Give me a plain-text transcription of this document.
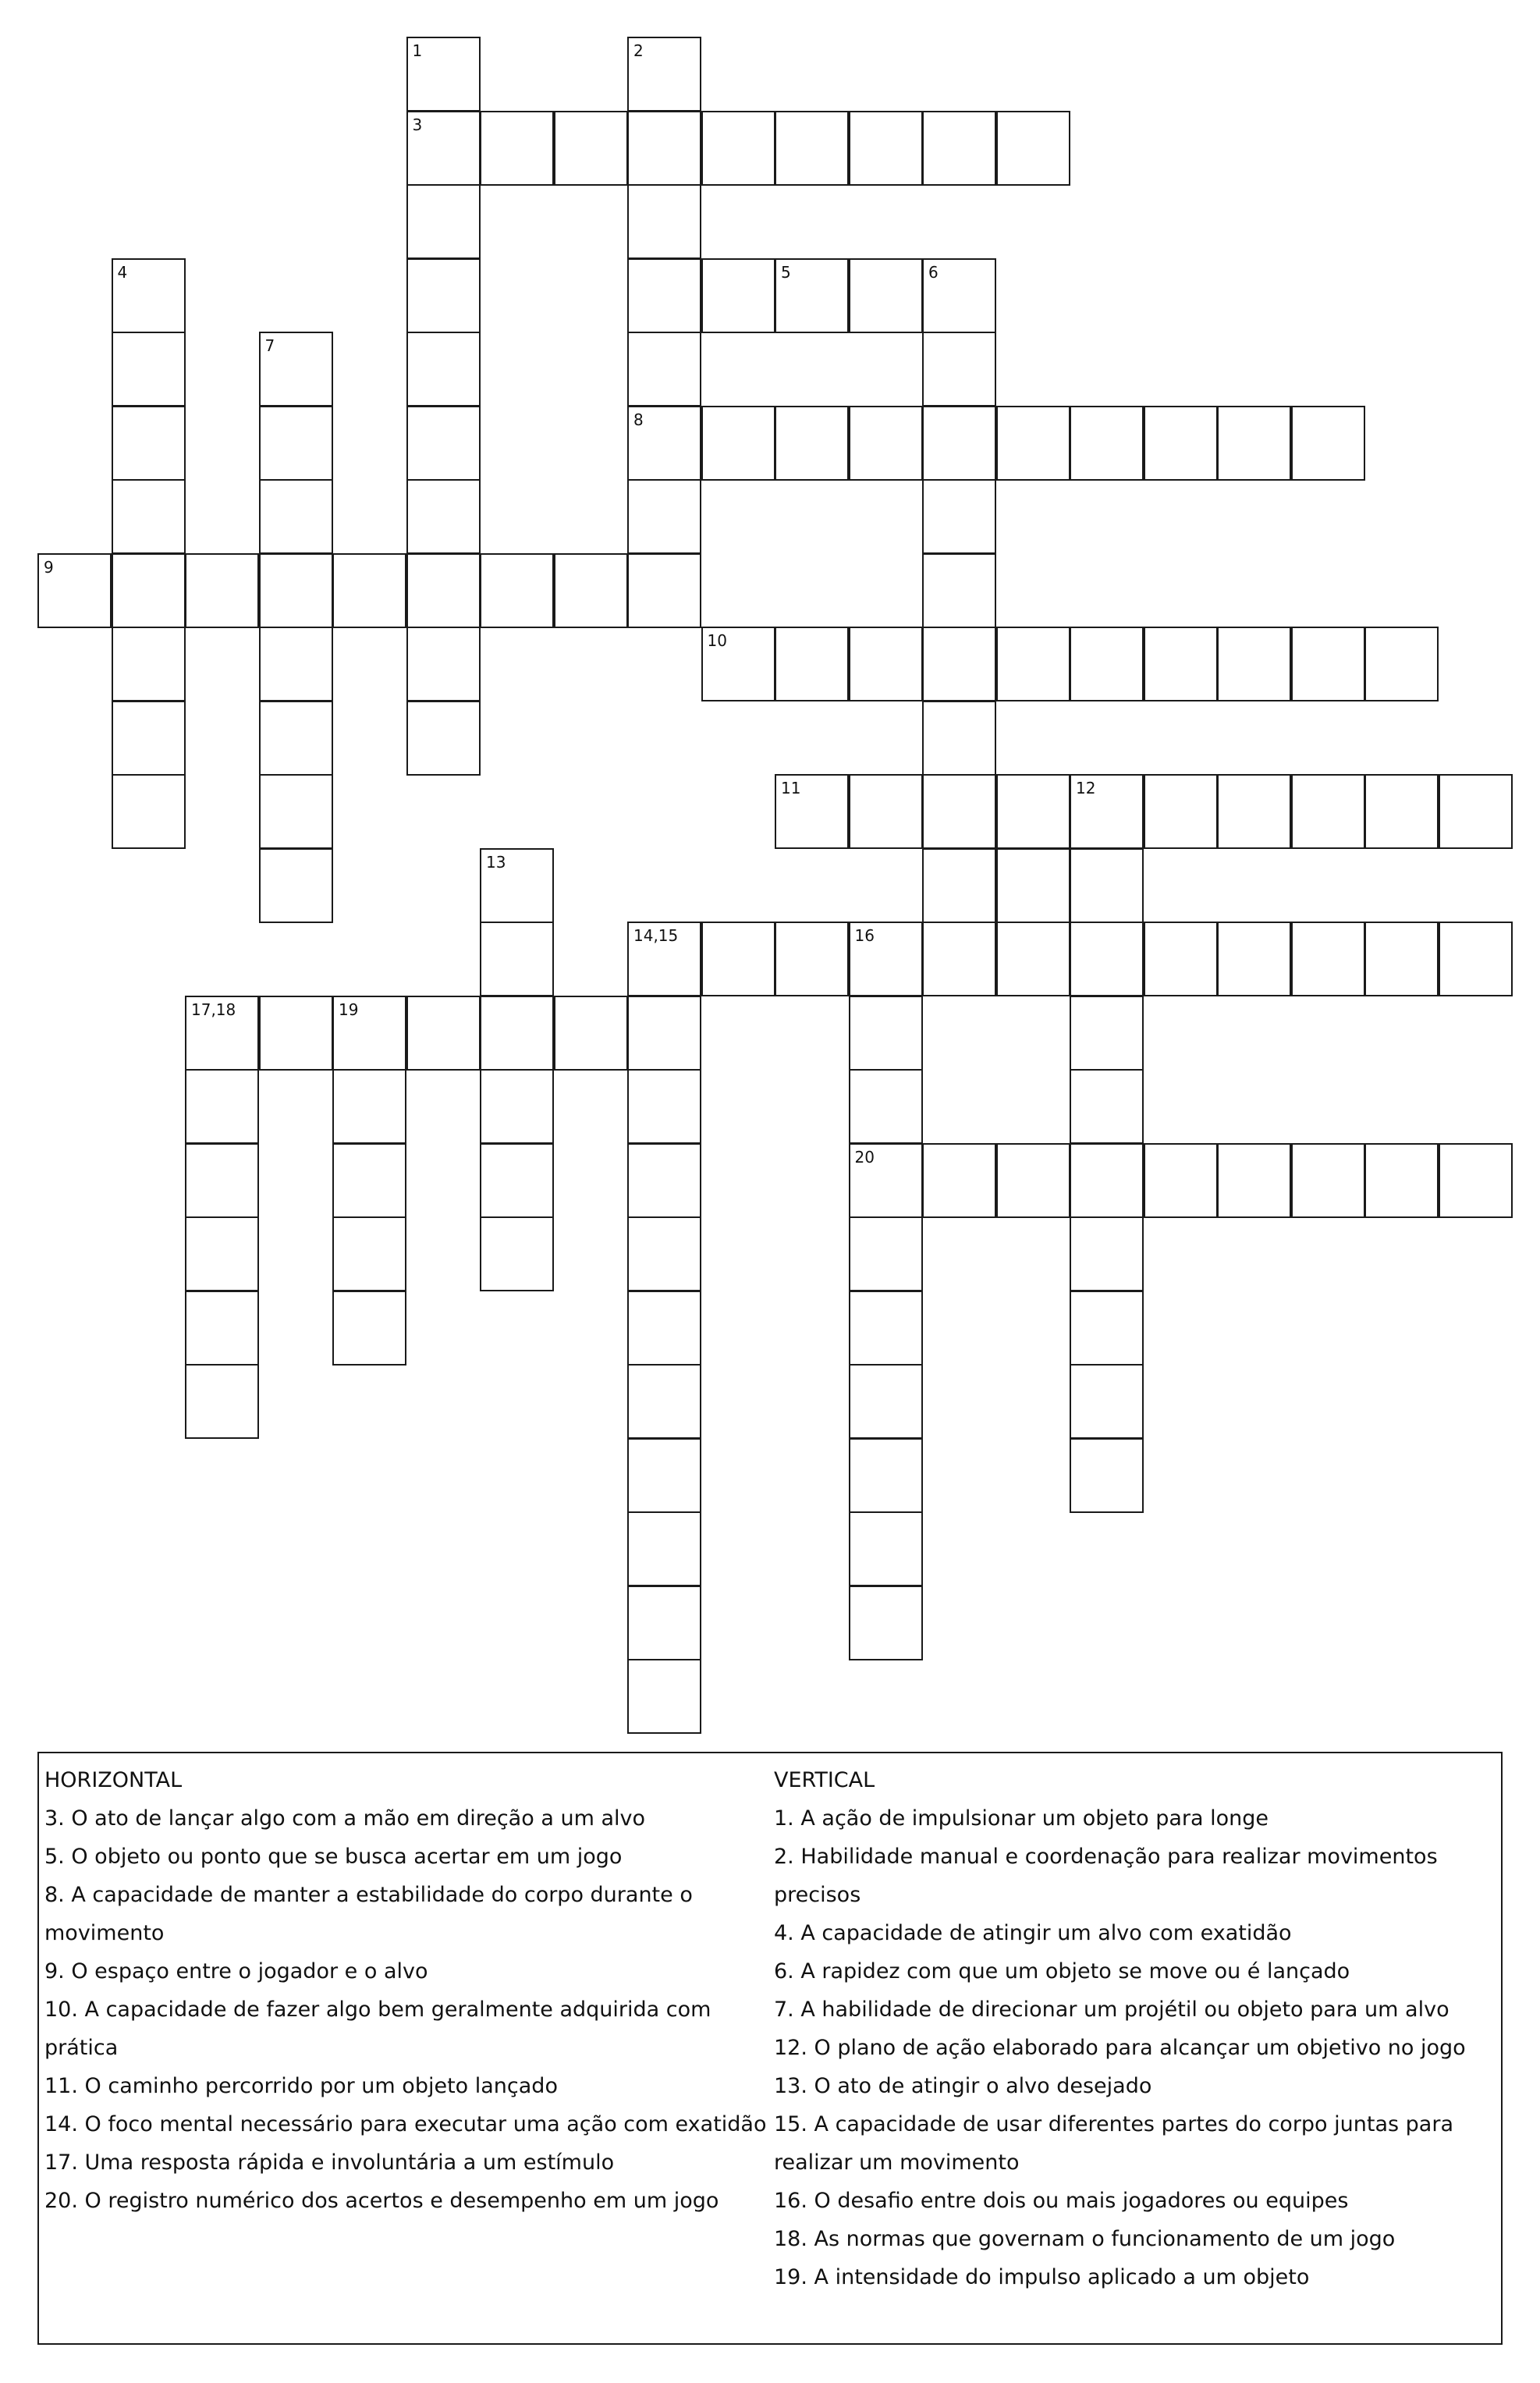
3
5	6
8
9
10
11	12
14,15	16
17,18	19
20
1	2
4
7
13
HORIZONTAL
3. O ato de lançar algo com a mão em direção a um alvo
5. O objeto ou ponto que se busca acertar em um jogo
8. A capacidade de manter a estabilidade do corpo durante o
movimento
9. O espaço entre o jogador e o alvo
10. A capacidade de fazer algo bem geralmente adquirida com
prática
11. O caminho percorrido por um objeto lançado
14. O foco mental necessário para executar uma ação com exatidão
17. Uma resposta rápida e involuntária a um estímulo
20. O registro numérico dos acertos e desempenho em um jogo
VERTICAL
1. A ação de impulsionar um objeto para longe
2. Habilidade manual e coordenação para realizar movimentos
precisos
4. A capacidade de atingir um alvo com exatidão
6. A rapidez com que um objeto se move ou é lançado
7. A habilidade de direcionar um projétil ou objeto para um alvo
12. O plano de ação elaborado para alcançar um objetivo no jogo
13. O ato de atingir o alvo desejado
15. A capacidade de usar diferentes partes do corpo juntas para
realizar um movimento
16. O desafio entre dois ou mais jogadores ou equipes
18. As normas que governam o funcionamento de um jogo
19. A intensidade do impulso aplicado a um objeto
